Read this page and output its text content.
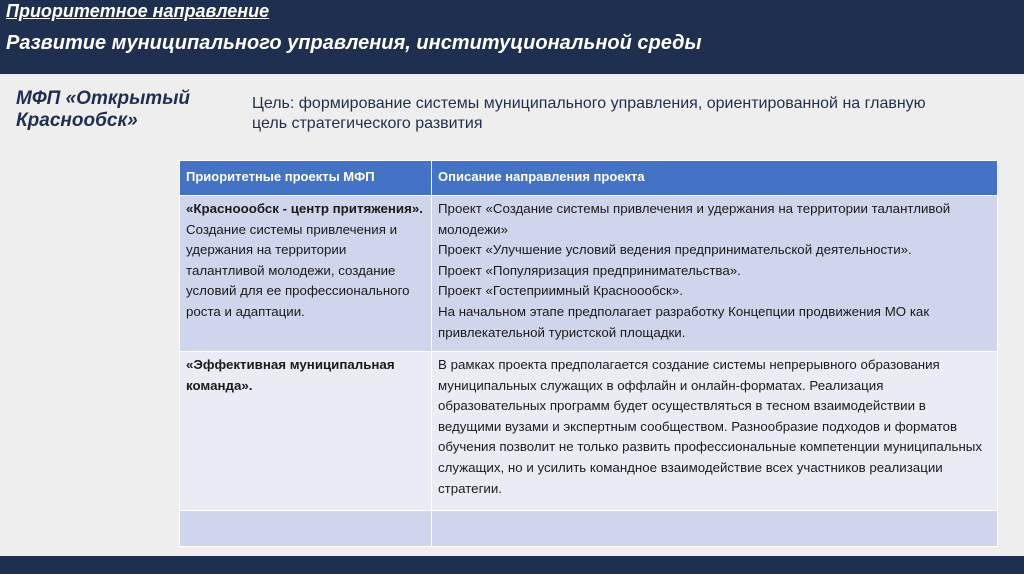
Приоритетное направление
Развитие муниципального управления, институциональной среды
МФП «Открытый Краснообск»
Цель: формирование системы муниципального управления, ориентированной на главную цель стратегического развития
Приоритетные проекты МФП	Описание направления проекта
«Красноообск - центр притяжения». Создание системы привлечения и удержания на территории талантливой молодежи, создание условий для ее профессионального роста и адаптации.	Проект «Создание системы привлечения и удержания на территории талантливой молодежи»
Проект «Улучшение условий ведения предпринимательской деятельности».
Проект «Популяризация предпринимательства».
Проект «Гостеприимный Красноообск».
На начальном этапе предполагает разработку Концепции продвижения МО как привлекательной туристской площадки.

«Эффективная муниципальная команда».	В рамках проекта предполагается создание системы непрерывного образования муниципальных служащих в оффлайн и онлайн-форматах. Реализация образовательных программ будет осуществляться в тесном взаимодействии в ведущими вузами и экспертным сообществом. Разнообразие подходов и форматов обучения позволит не только развить профессиональные компетенции муниципальных служащих, но и усилить командное взаимодействие всех участников реализации стратегии.
